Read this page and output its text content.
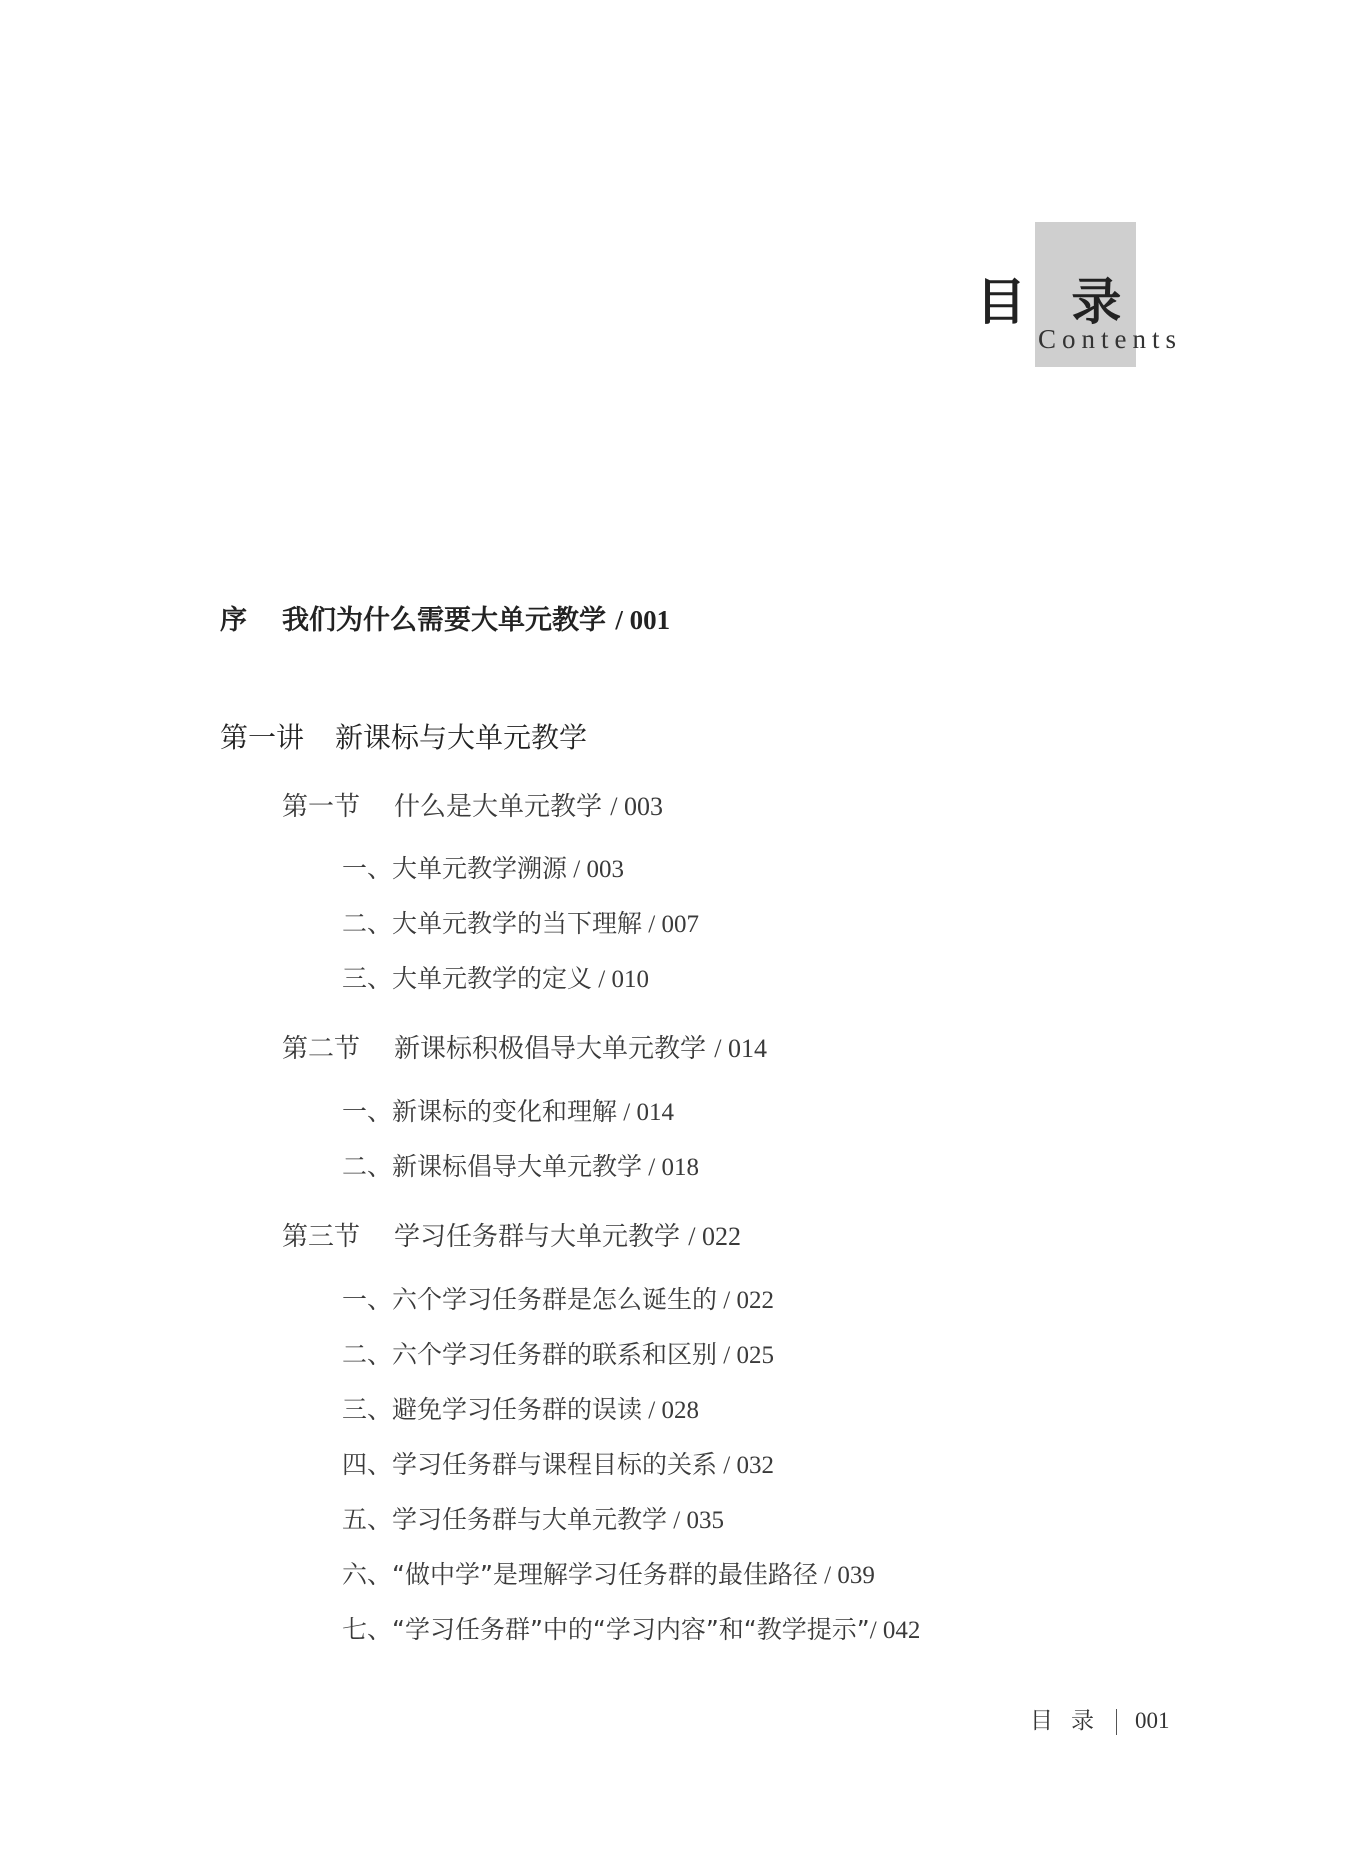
目 录
Contents
序 我们为什么需要大单元教学 / 001
第一讲 新课标与大单元教学
第一节 什么是大单元教学 / 003
一、大单元教学溯源 / 003
二、大单元教学的当下理解 / 007
三、大单元教学的定义 / 010
第二节 新课标积极倡导大单元教学 / 014
一、新课标的变化和理解 / 014
二、新课标倡导大单元教学 / 018
第三节 学习任务群与大单元教学 / 022
一、六个学习任务群是怎么诞生的 / 022
二、六个学习任务群的联系和区别 / 025
三、避免学习任务群的误读 / 028
四、学习任务群与课程目标的关系 / 032
五、学习任务群与大单元教学 / 035
六、“做中学”是理解学习任务群的最佳路径 / 039
七、“学习任务群”中的“学习内容”和“教学提示”/ 042
目录 001
